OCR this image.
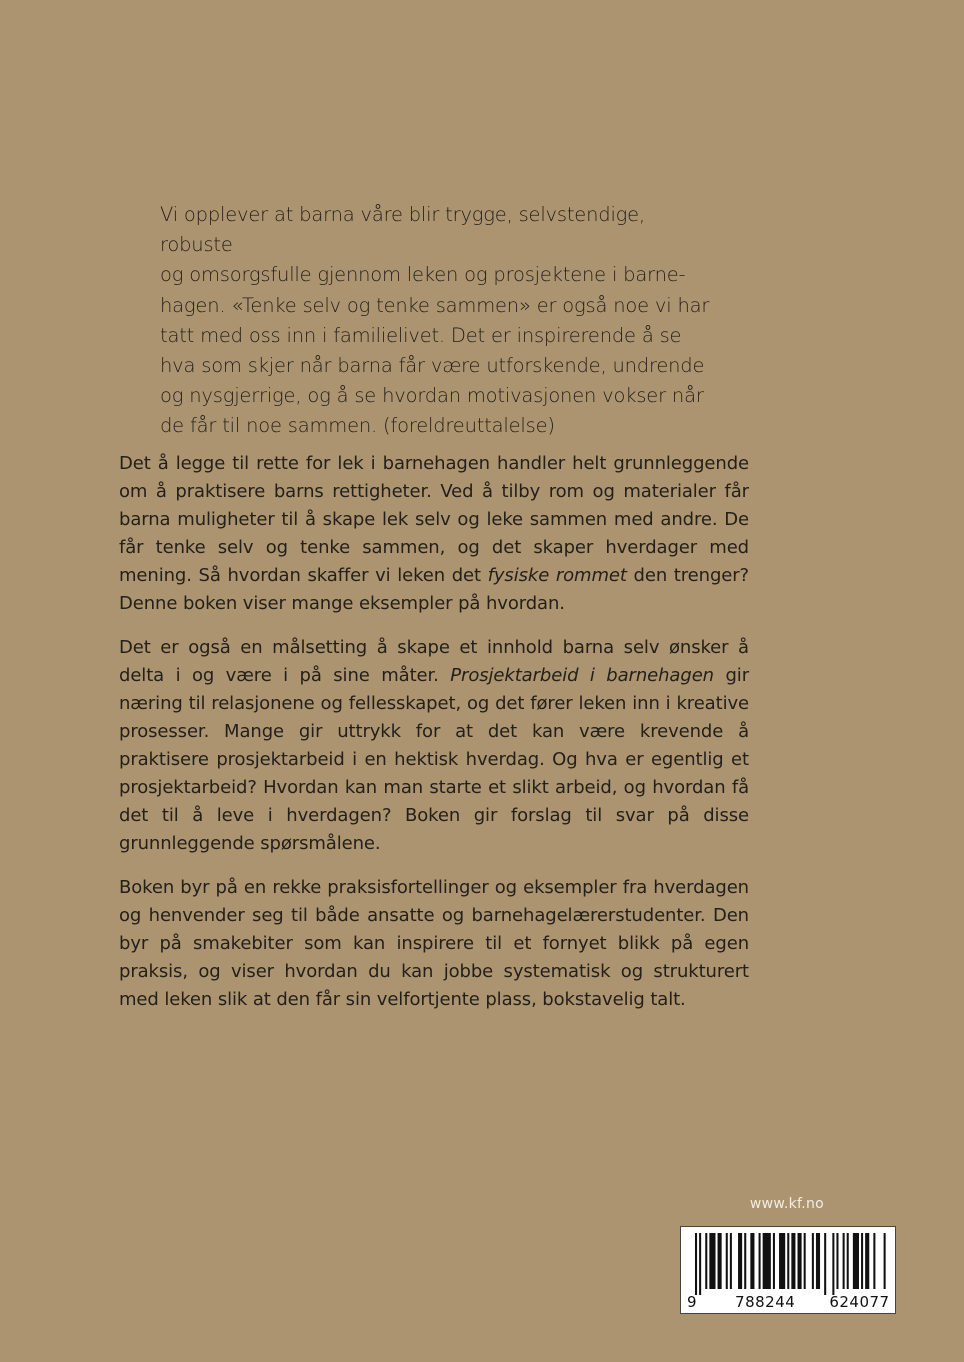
Vi opplever at barna våre blir trygge, selvstendige, robuste

og omsorgsfulle gjennom leken og prosjektene i barne-

hagen. «Tenke selv og tenke sammen» er også noe vi har

tatt med oss inn i familielivet. Det er inspirerende å se

hva som skjer når barna får være utforskende, undrende

og nysgjerrige, og å se hvordan motivasjonen vokser når

de får til noe sammen. (foreldreuttalelse)

Det å legge til rette for lek i barnehagen handler helt grunnleggende om å praktisere barns rettigheter. Ved å tilby rom og materialer får barna muligheter til å skape lek selv og leke sammen med andre. De får tenke selv og tenke sammen, og det skaper hverdager med mening. Så hvordan skaffer vi leken det fysiske rommet den trenger? Denne boken viser mange eksempler på hvordan.

Det er også en målsetting å skape et innhold barna selv ønsker å delta i og være i på sine måter. Prosjektarbeid i barnehagen gir næring til relasjonene og fellesskapet, og det fører leken inn i kreative prosesser. Mange gir uttrykk for at det kan være krevende å praktisere prosjektarbeid i en hektisk hverdag. Og hva er egentlig et prosjektarbeid? Hvordan kan man starte et slikt arbeid, og hvordan få det til å leve i hverdagen? Boken gir forslag til svar på disse grunnleggende spørsmålene.

Boken byr på en rekke praksisfortellinger og eksempler fra hverdagen og henvender seg til både ansatte og barnehagelærerstudenter. Den byr på smakebiter som kan inspirere til et fornyet blikk på egen praksis, og viser hvordan du kan jobbe systematisk og strukturert med leken slik at den får sin velfortjente plass, bokstavelig talt.

www.kf.no
9	788244 624077
